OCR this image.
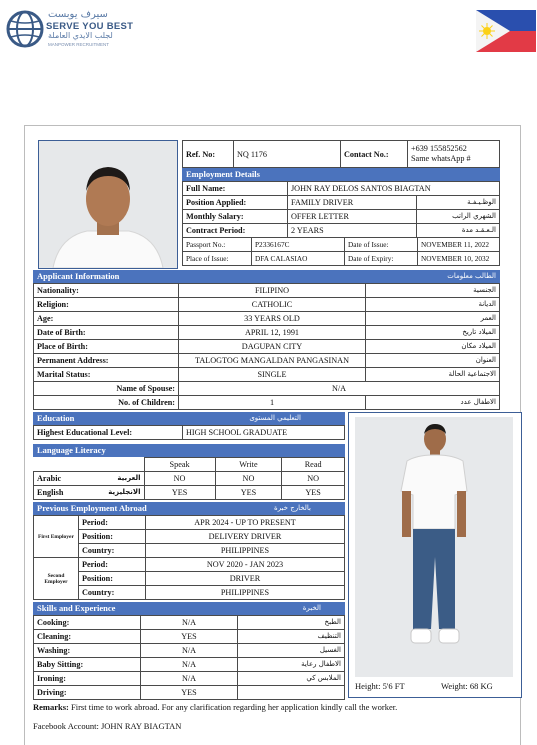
سيرف يوبست
SERVE YOU BEST
لجلب الايدي العاملة
MANPOWER RECRUITMENT
Ref. No:	NQ 1176	Contact No.:	
+639 155852562
Same whatsApp #
Employment Details
Full Name:	JOHN RAY DELOS SANTOS BIAGTAN	
Position Applied:	FAMILY DRIVER	الوظـيـفـة
Monthly Salary:	OFFER LETTER	الشهري الراتب
Contract Period:	2 YEARS	الـعـقـد مدة
Passport No.:	P2336167C	Date of Issue:	NOVEMBER 11, 2022
Place of Issue:	DFA CALASIAO	Date of Expiry:	NOVEMBER 10, 2032
Applicant Information	الطالب معلومات
Nationality:	FILIPINO	الجنسية
Religion:	CATHOLIC	الديانة
Age:	33 YEARS OLD	العمر
Date of Birth:	APRIL 12, 1991	الميلاد تاريخ
Place of Birth:	DAGUPAN CITY	الميلاد مكان
Permanent Address:	TALOGTOG MANGALDAN PANGASINAN	العنوان
Marital Status:	SINGLE	الاجتماعية الحالة
Name of Spouse:	N/A	
No. of Children:	1	الاطفال عدد
Education	التعليمي المستوى
Highest Educational Level:	HIGH SCHOOL GRADUATE
Language Literacy
	Speak	Write	Read
Arabic العربية	NO	NO	NO
English الانجليزية	YES	YES	YES
Previous Employment Abroad	بالخارج خبرة
First Employer	Period:	APR 2024 - UP TO PRESENT
	Position:	DELIVERY DRIVER
	Country:	PHILIPPINES
Second Employer	Period:	NOV 2020 - JAN 2023
	Position:	DRIVER
	Country:	PHILIPPINES
Skills and Experience	الخبرة
Cooking:	N/A	الطبخ
Cleaning:	YES	التنظيف
Washing:	N/A	الغسيل
Baby Sitting:	N/A	الاطفال رعاية
Ironing:	N/A	الملابس كي
Driving:	YES	
Height: 5'6 FT	Weight: 68 KG
Remarks: First time to work abroad. For any clarification regarding her application kindly call the worker.
Facebook Account: JOHN RAY BIAGTAN
